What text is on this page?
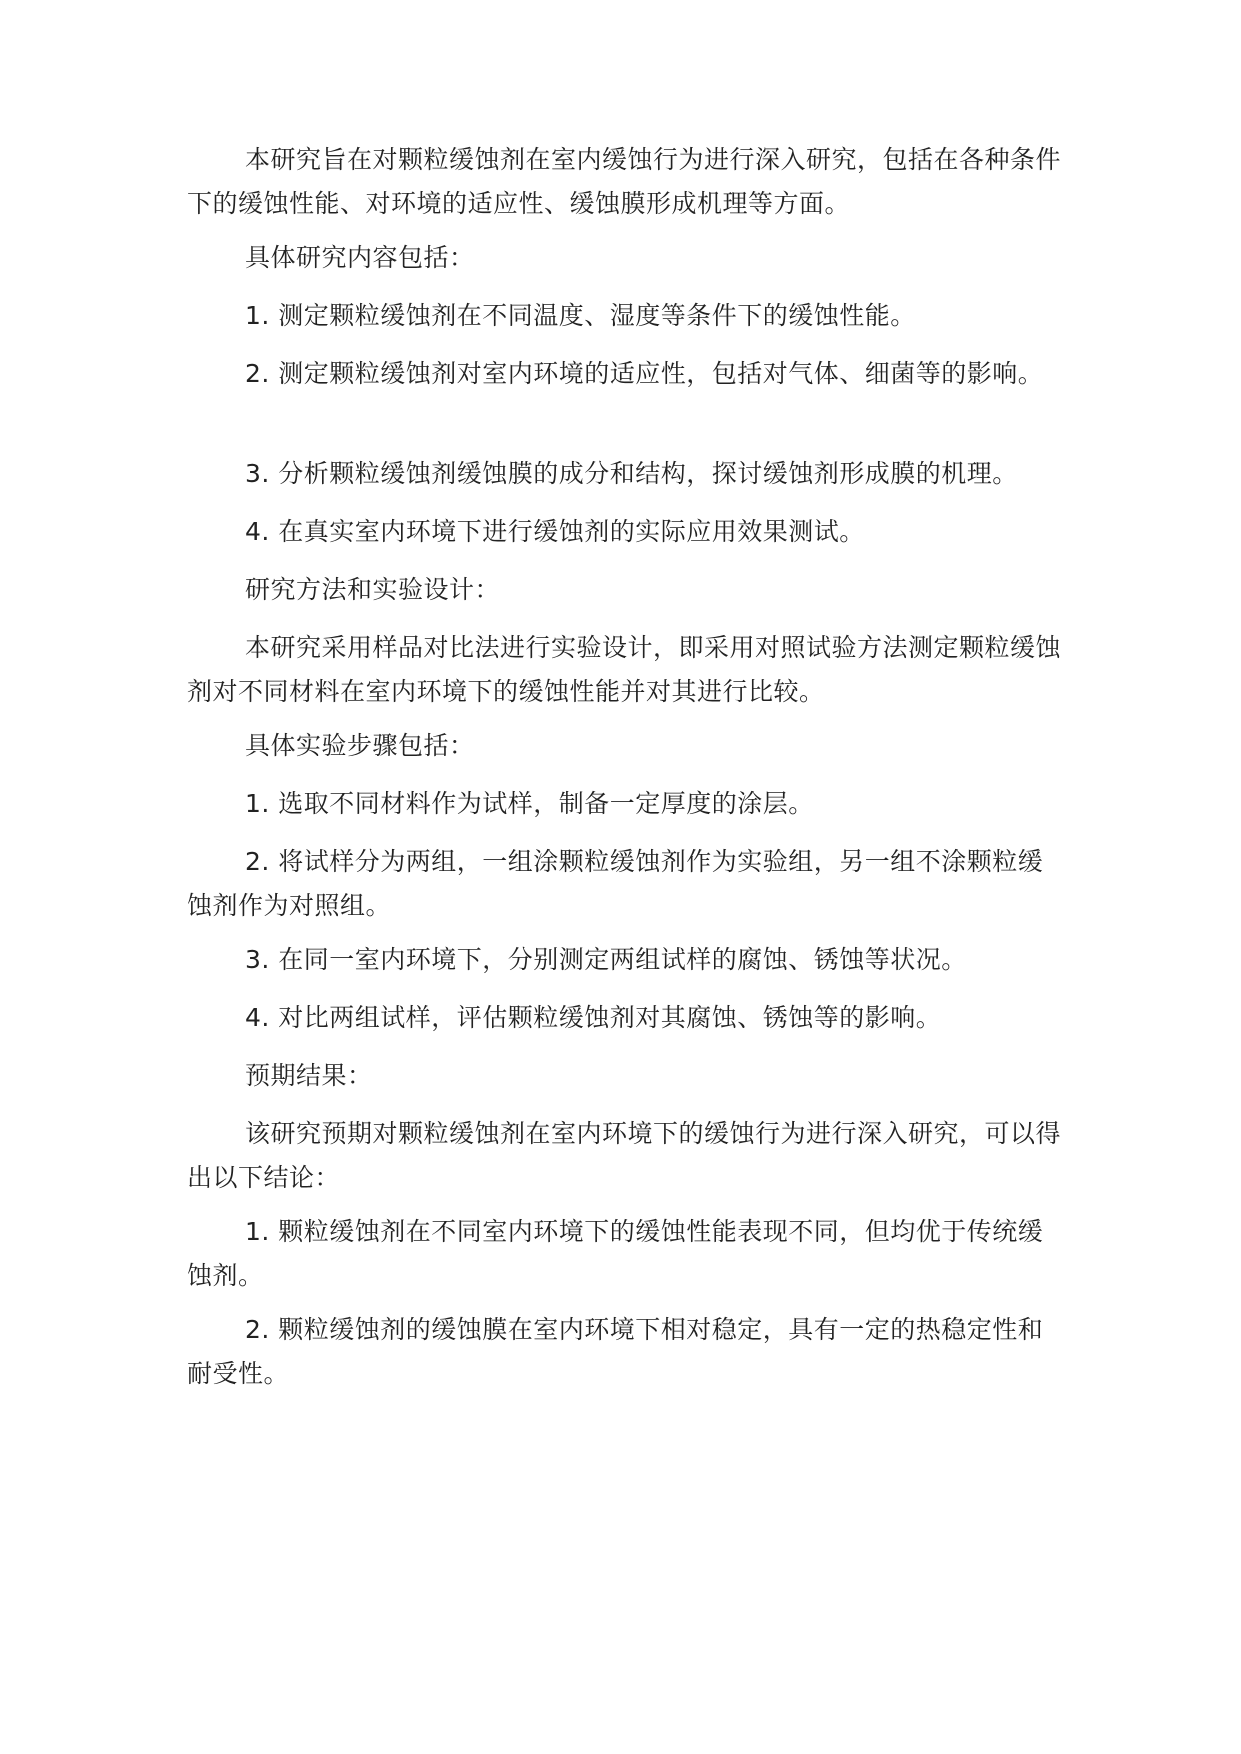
本研究旨在对颗粒缓蚀剂在室内缓蚀行为进行深入研究，包括在各种条件下的缓蚀性能、对环境的适应性、缓蚀膜形成机理等方面。

具体研究内容包括：

1. 测定颗粒缓蚀剂在不同温度、湿度等条件下的缓蚀性能。

2. 测定颗粒缓蚀剂对室内环境的适应性，包括对气体、细菌等的影响。

3. 分析颗粒缓蚀剂缓蚀膜的成分和结构，探讨缓蚀剂形成膜的机理。

4. 在真实室内环境下进行缓蚀剂的实际应用效果测试。

研究方法和实验设计：

本研究采用样品对比法进行实验设计，即采用对照试验方法测定颗粒缓蚀剂对不同材料在室内环境下的缓蚀性能并对其进行比较。

具体实验步骤包括：

1. 选取不同材料作为试样，制备一定厚度的涂层。

2. 将试样分为两组，一组涂颗粒缓蚀剂作为实验组，另一组不涂颗粒缓蚀剂作为对照组。

3. 在同一室内环境下，分别测定两组试样的腐蚀、锈蚀等状况。

4. 对比两组试样，评估颗粒缓蚀剂对其腐蚀、锈蚀等的影响。

预期结果：

该研究预期对颗粒缓蚀剂在室内环境下的缓蚀行为进行深入研究，可以得出以下结论：

1. 颗粒缓蚀剂在不同室内环境下的缓蚀性能表现不同，但均优于传统缓蚀剂。

2. 颗粒缓蚀剂的缓蚀膜在室内环境下相对稳定，具有一定的热稳定性和耐受性。
